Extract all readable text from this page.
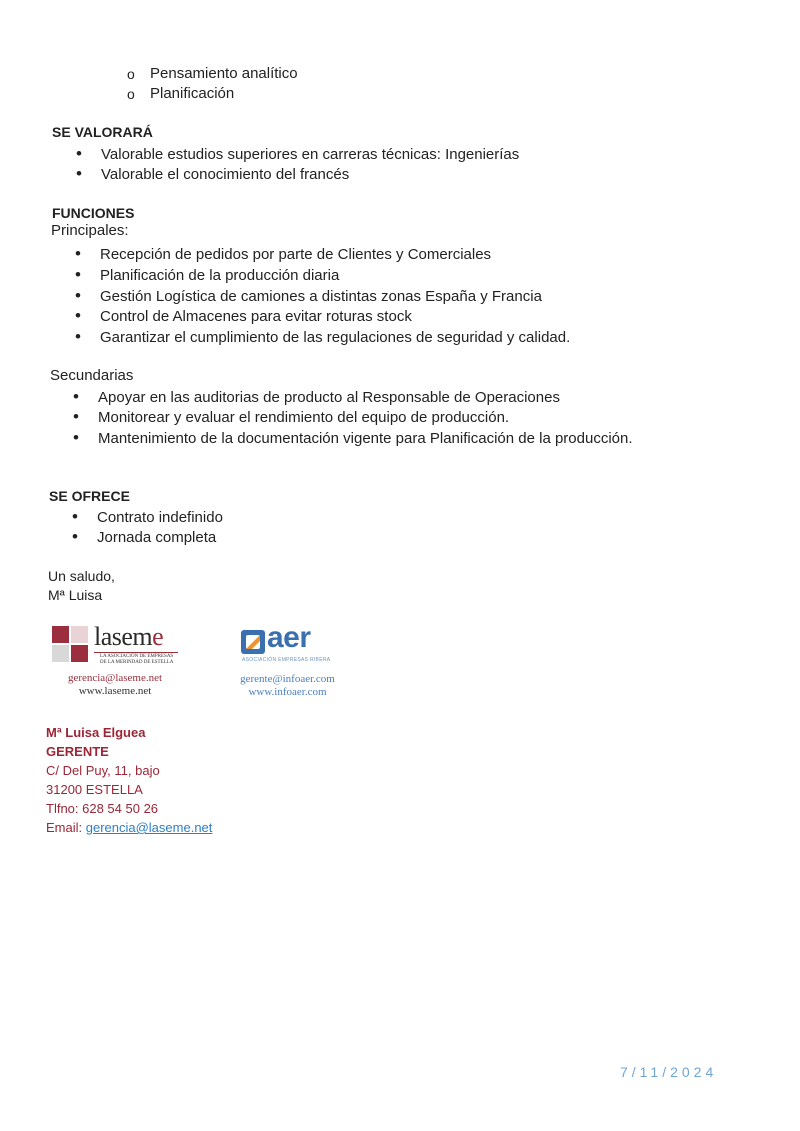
o Pensamiento analítico
o Planificación
SE VALORARÁ
• Valorable estudios superiores en carreras técnicas: Ingenierías
• Valorable el conocimiento del francés
FUNCIONES
Principales:
• Recepción de pedidos por parte de Clientes y Comerciales
• Planificación de la producción diaria
• Gestión Logística de camiones a distintas zonas España y Francia
• Control de Almacenes para evitar roturas stock
• Garantizar el cumplimiento de las regulaciones de seguridad y calidad.
Secundarias
• Apoyar en las auditorias de producto al Responsable de Operaciones
• Monitorear y evaluar el rendimiento del equipo de producción.
• Mantenimiento de la documentación vigente para Planificación de la producción.
SE OFRECE
• Contrato indefinido
• Jornada completa
Un saludo,
Mª Luisa
laseme
LA ASOCIACIÓN DE EMPRESAS DE LA MERINDAD DE ESTELLA
gerencia@laseme.net
www.laseme.net
aer
ASOCIACIÓN EMPRESAS RIBERA
gerente@infoaer.com
www.infoaer.com
Mª Luisa Elguea
GERENTE
C/ Del Puy, 11, bajo
31200 ESTELLA
Tlfno: 628 54 50 26
Email: gerencia@laseme.net
7/11/2024
